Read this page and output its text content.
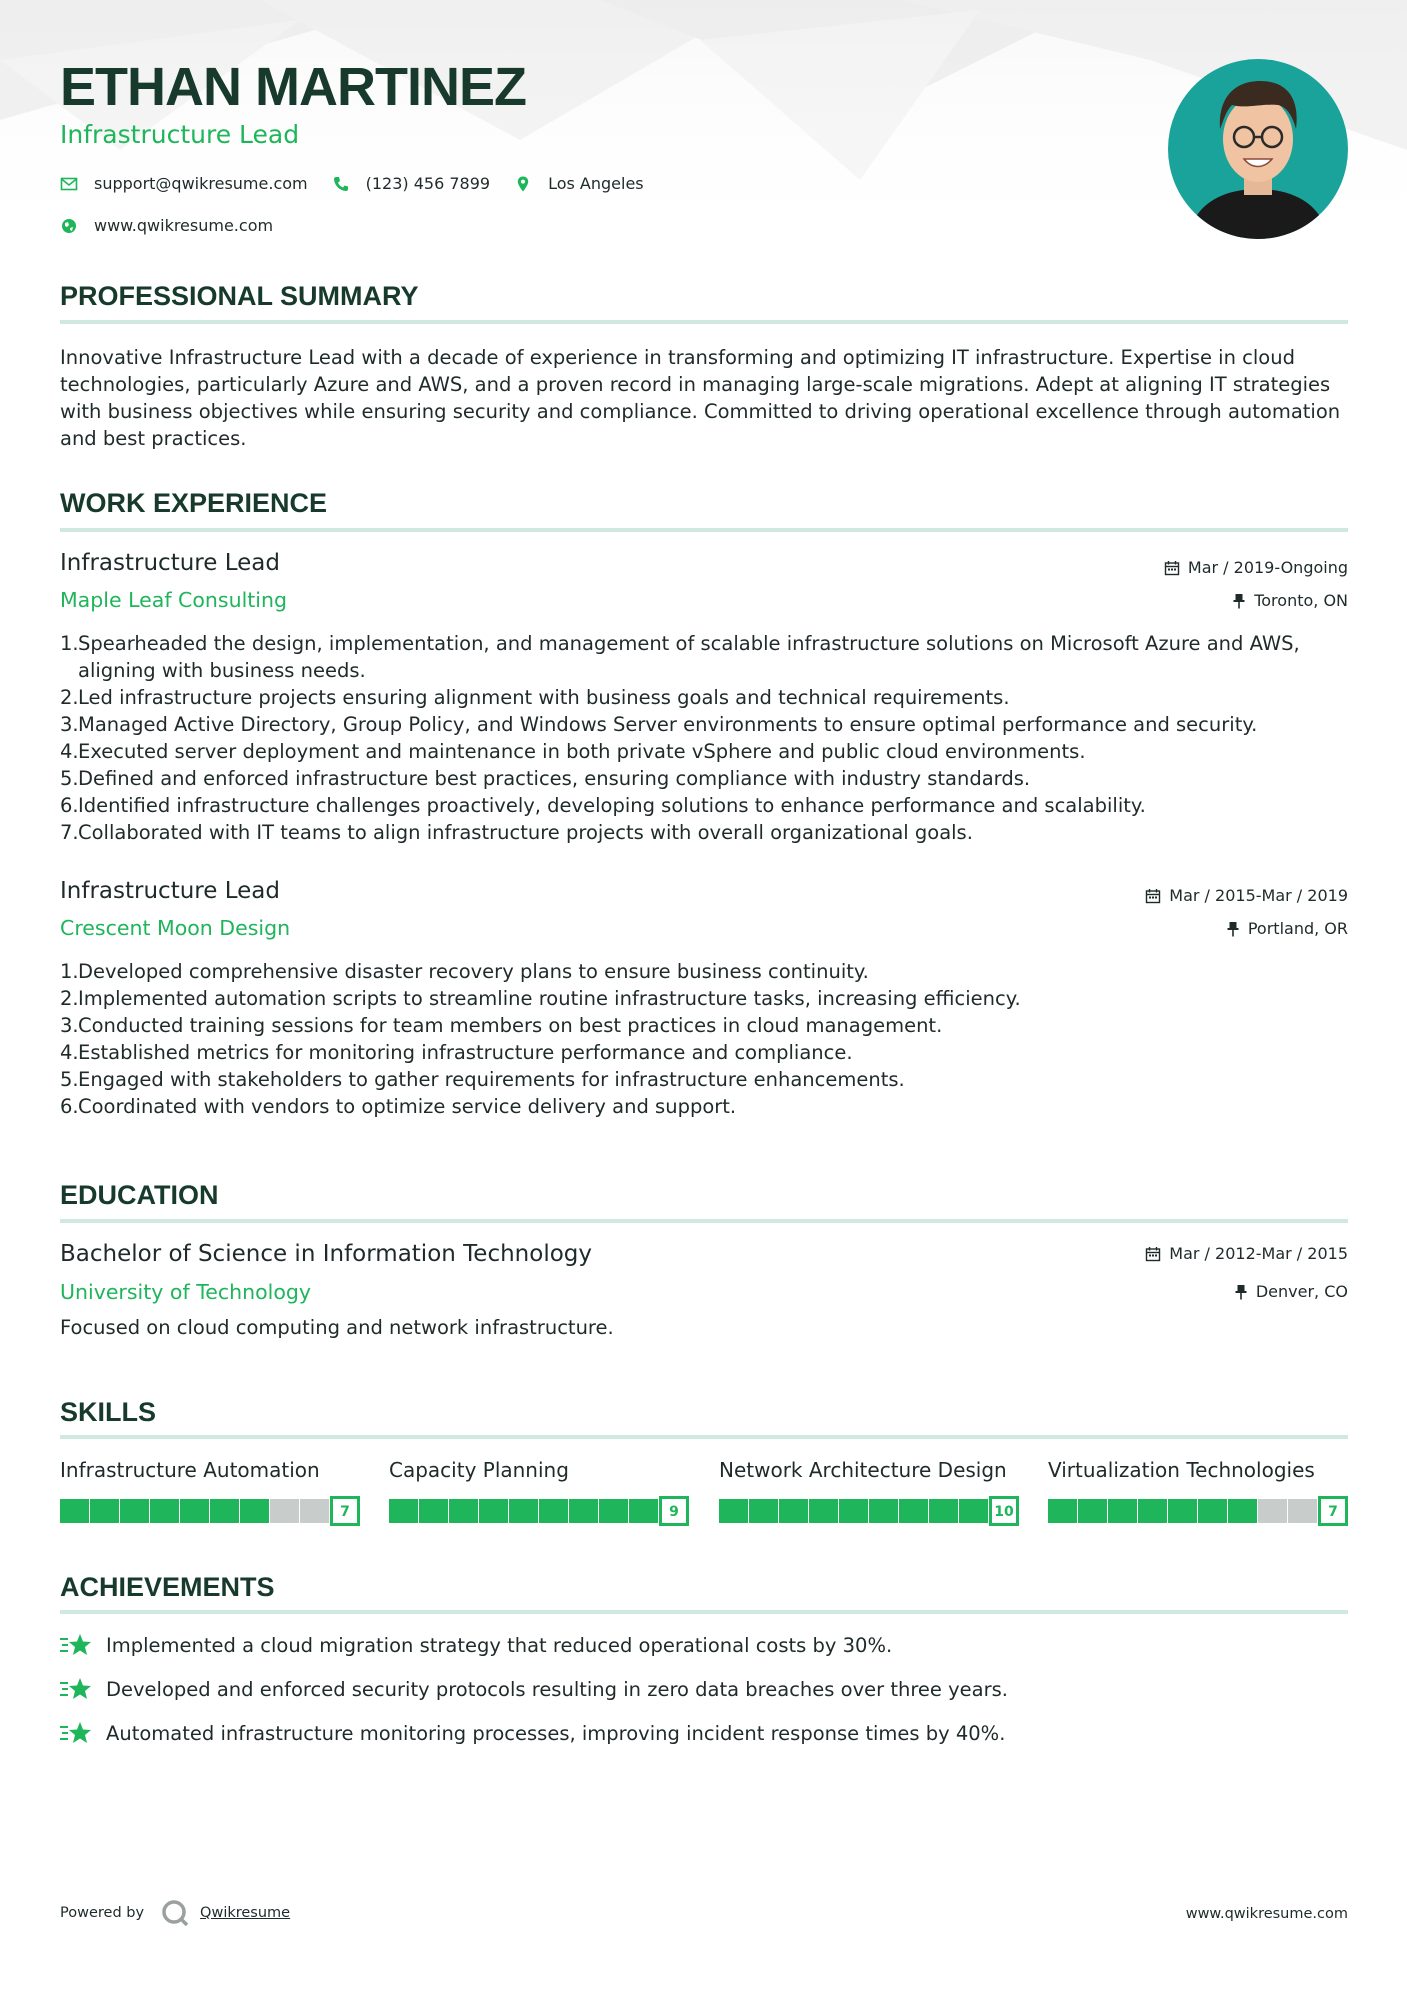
ETHAN MARTINEZ
Infrastructure Lead
support@qwikresume.com	(123) 456 7899	Los Angeles
www.qwikresume.com
PROFESSIONAL SUMMARY

Innovative Infrastructure Lead with a decade of experience in transforming and optimizing IT infrastructure. Expertise in cloud technologies, particularly Azure and AWS, and a proven record in managing large-scale migrations. Adept at aligning IT strategies with business objectives while ensuring security and compliance. Committed to driving operational excellence through automation and best practices.

WORK EXPERIENCE
Infrastructure Lead
Maple Leaf Consulting
Mar / 2019-Ongoing
Toronto, ON
1. Spearheaded the design, implementation, and management of scalable infrastructure solutions on Microsoft Azure and AWS, aligning with business needs.
2. Led infrastructure projects ensuring alignment with business goals and technical requirements.
3. Managed Active Directory, Group Policy, and Windows Server environments to ensure optimal performance and security.
4. Executed server deployment and maintenance in both private vSphere and public cloud environments.
5. Defined and enforced infrastructure best practices, ensuring compliance with industry standards.
6. Identified infrastructure challenges proactively, developing solutions to enhance performance and scalability.
7. Collaborated with IT teams to align infrastructure projects with overall organizational goals.
Infrastructure Lead
Crescent Moon Design
Mar / 2015-Mar / 2019
Portland, OR
1. Developed comprehensive disaster recovery plans to ensure business continuity.
2. Implemented automation scripts to streamline routine infrastructure tasks, increasing efficiency.
3. Conducted training sessions for team members on best practices in cloud management.
4. Established metrics for monitoring infrastructure performance and compliance.
5. Engaged with stakeholders to gather requirements for infrastructure enhancements.
6. Coordinated with vendors to optimize service delivery and support.
EDUCATION
Bachelor of Science in Information Technology
University of Technology
Mar / 2012-Mar / 2015
Denver, CO
Focused on cloud computing and network infrastructure.
SKILLS
Infrastructure Automation
7
Capacity Planning
9
Network Architecture Design
10
Virtualization Technologies
7
ACHIEVEMENTS
Implemented a cloud migration strategy that reduced operational costs by 30%.
Developed and enforced security protocols resulting in zero data breaches over three years.
Automated infrastructure monitoring processes, improving incident response times by 40%.
Powered by	Qwikresume	www.qwikresume.com
